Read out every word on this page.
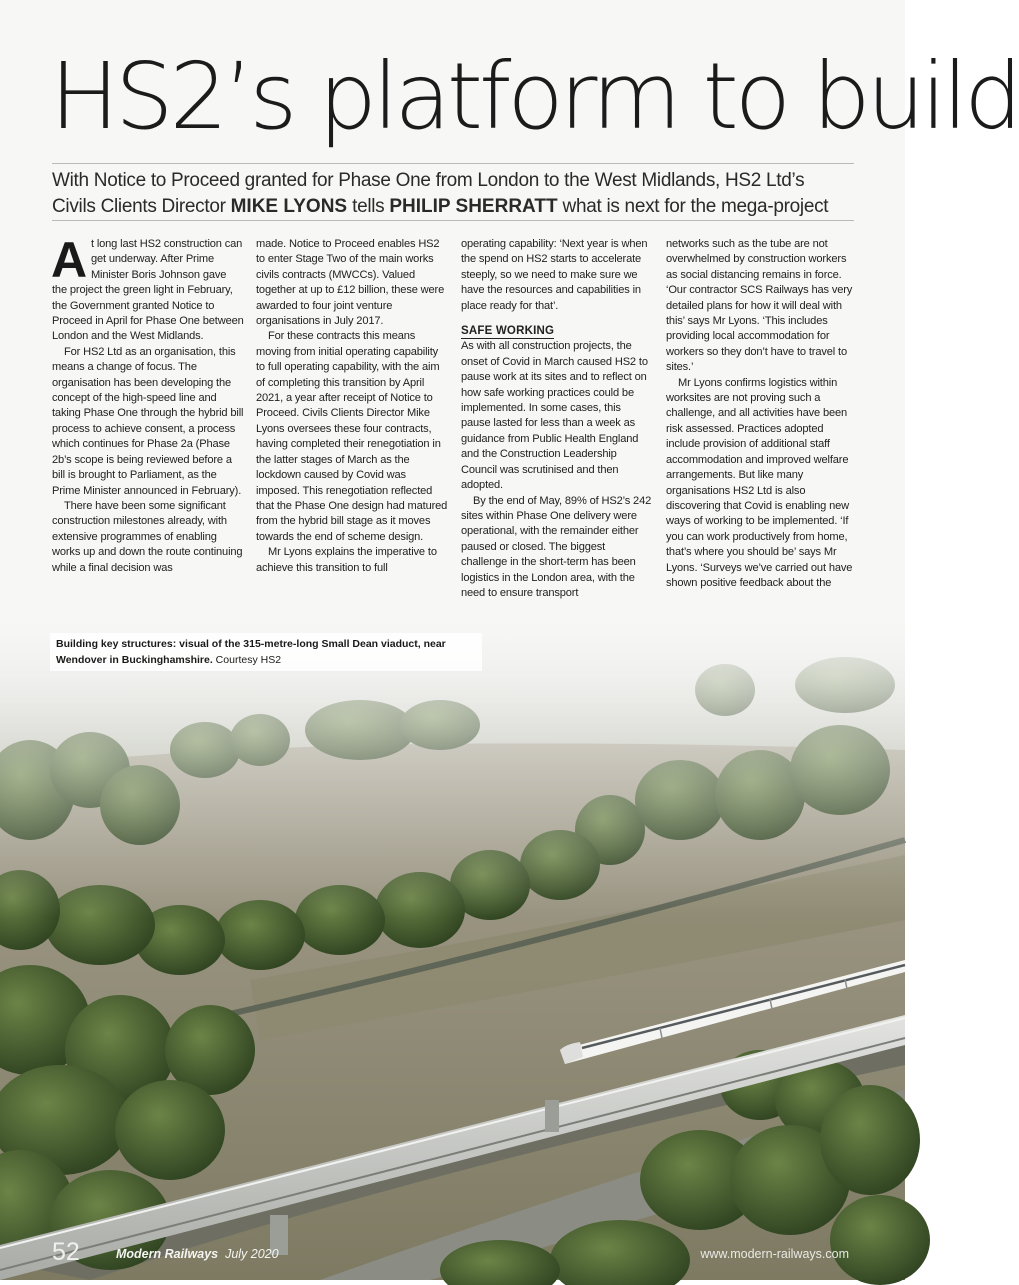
HS2’s platform to build
With Notice to Proceed granted for Phase One from London to the West Midlands, HS2 Ltd’s Civils Clients Director MIKE LYONS tells PHILIP SHERRATT what is next for the mega-project

At long last HS2 construction can get underway. After Prime Minister Boris Johnson gave the project the green light in February, the Government granted Notice to Proceed in April for Phase One between London and the West Midlands.

For HS2 Ltd as an organisation, this means a change of focus. The organisation has been developing the concept of the high-speed line and taking Phase One through the hybrid bill process to achieve consent, a process which continues for Phase 2a (Phase 2b’s scope is being reviewed before a bill is brought to Parliament, as the Prime Minister announced in February).

There have been some significant construction milestones already, with extensive programmes of enabling works up and down the route continuing while a final decision was

made. Notice to Proceed enables HS2 to enter Stage Two of the main works civils contracts (MWCCs). Valued together at up to £12 billion, these were awarded to four joint venture organisations in July 2017.

For these contracts this means moving from initial operating capability to full operating capability, with the aim of completing this transition by April 2021, a year after receipt of Notice to Proceed. Civils Clients Director Mike Lyons oversees these four contracts, having completed their renegotiation in the latter stages of March as the lockdown caused by Covid was imposed. This renegotiation reflected that the Phase One design had matured from the hybrid bill stage as it moves towards the end of scheme design.

Mr Lyons explains the imperative to achieve this transition to full

operating capability: ‘Next year is when the spend on HS2 starts to accelerate steeply, so we need to make sure we have the resources and capabilities in place ready for that’.

SAFE WORKING

As with all construction projects, the onset of Covid in March caused HS2 to pause work at its sites and to reflect on how safe working practices could be implemented. In some cases, this pause lasted for less than a week as guidance from Public Health England and the Construction Leadership Council was scrutinised and then adopted.

By the end of May, 89% of HS2’s 242 sites within Phase One delivery were operational, with the remainder either paused or closed. The biggest challenge in the short-term has been logistics in the London area, with the need to ensure transport

networks such as the tube are not overwhelmed by construction workers as social distancing remains in force. ‘Our contractor SCS Railways has very detailed plans for how it will deal with this’ says Mr Lyons. ‘This includes providing local accommodation for workers so they don’t have to travel to sites.’

Mr Lyons confirms logistics within worksites are not proving such a challenge, and all activities have been risk assessed. Practices adopted include provision of additional staff accommodation and improved welfare arrangements. But like many organisations HS2 Ltd is also discovering that Covid is enabling new ways of working to be implemented. ‘If you can work productively from home, that’s where you should be’ says Mr Lyons. ‘Surveys we’ve carried out have shown positive feedback about the

Building key structures: visual of the 315-metre-long Small Dean viaduct, near Wendover in Buckinghamshire. Courtesy HS2
52	Modern Railways July 2020	www.modern-railways.com
